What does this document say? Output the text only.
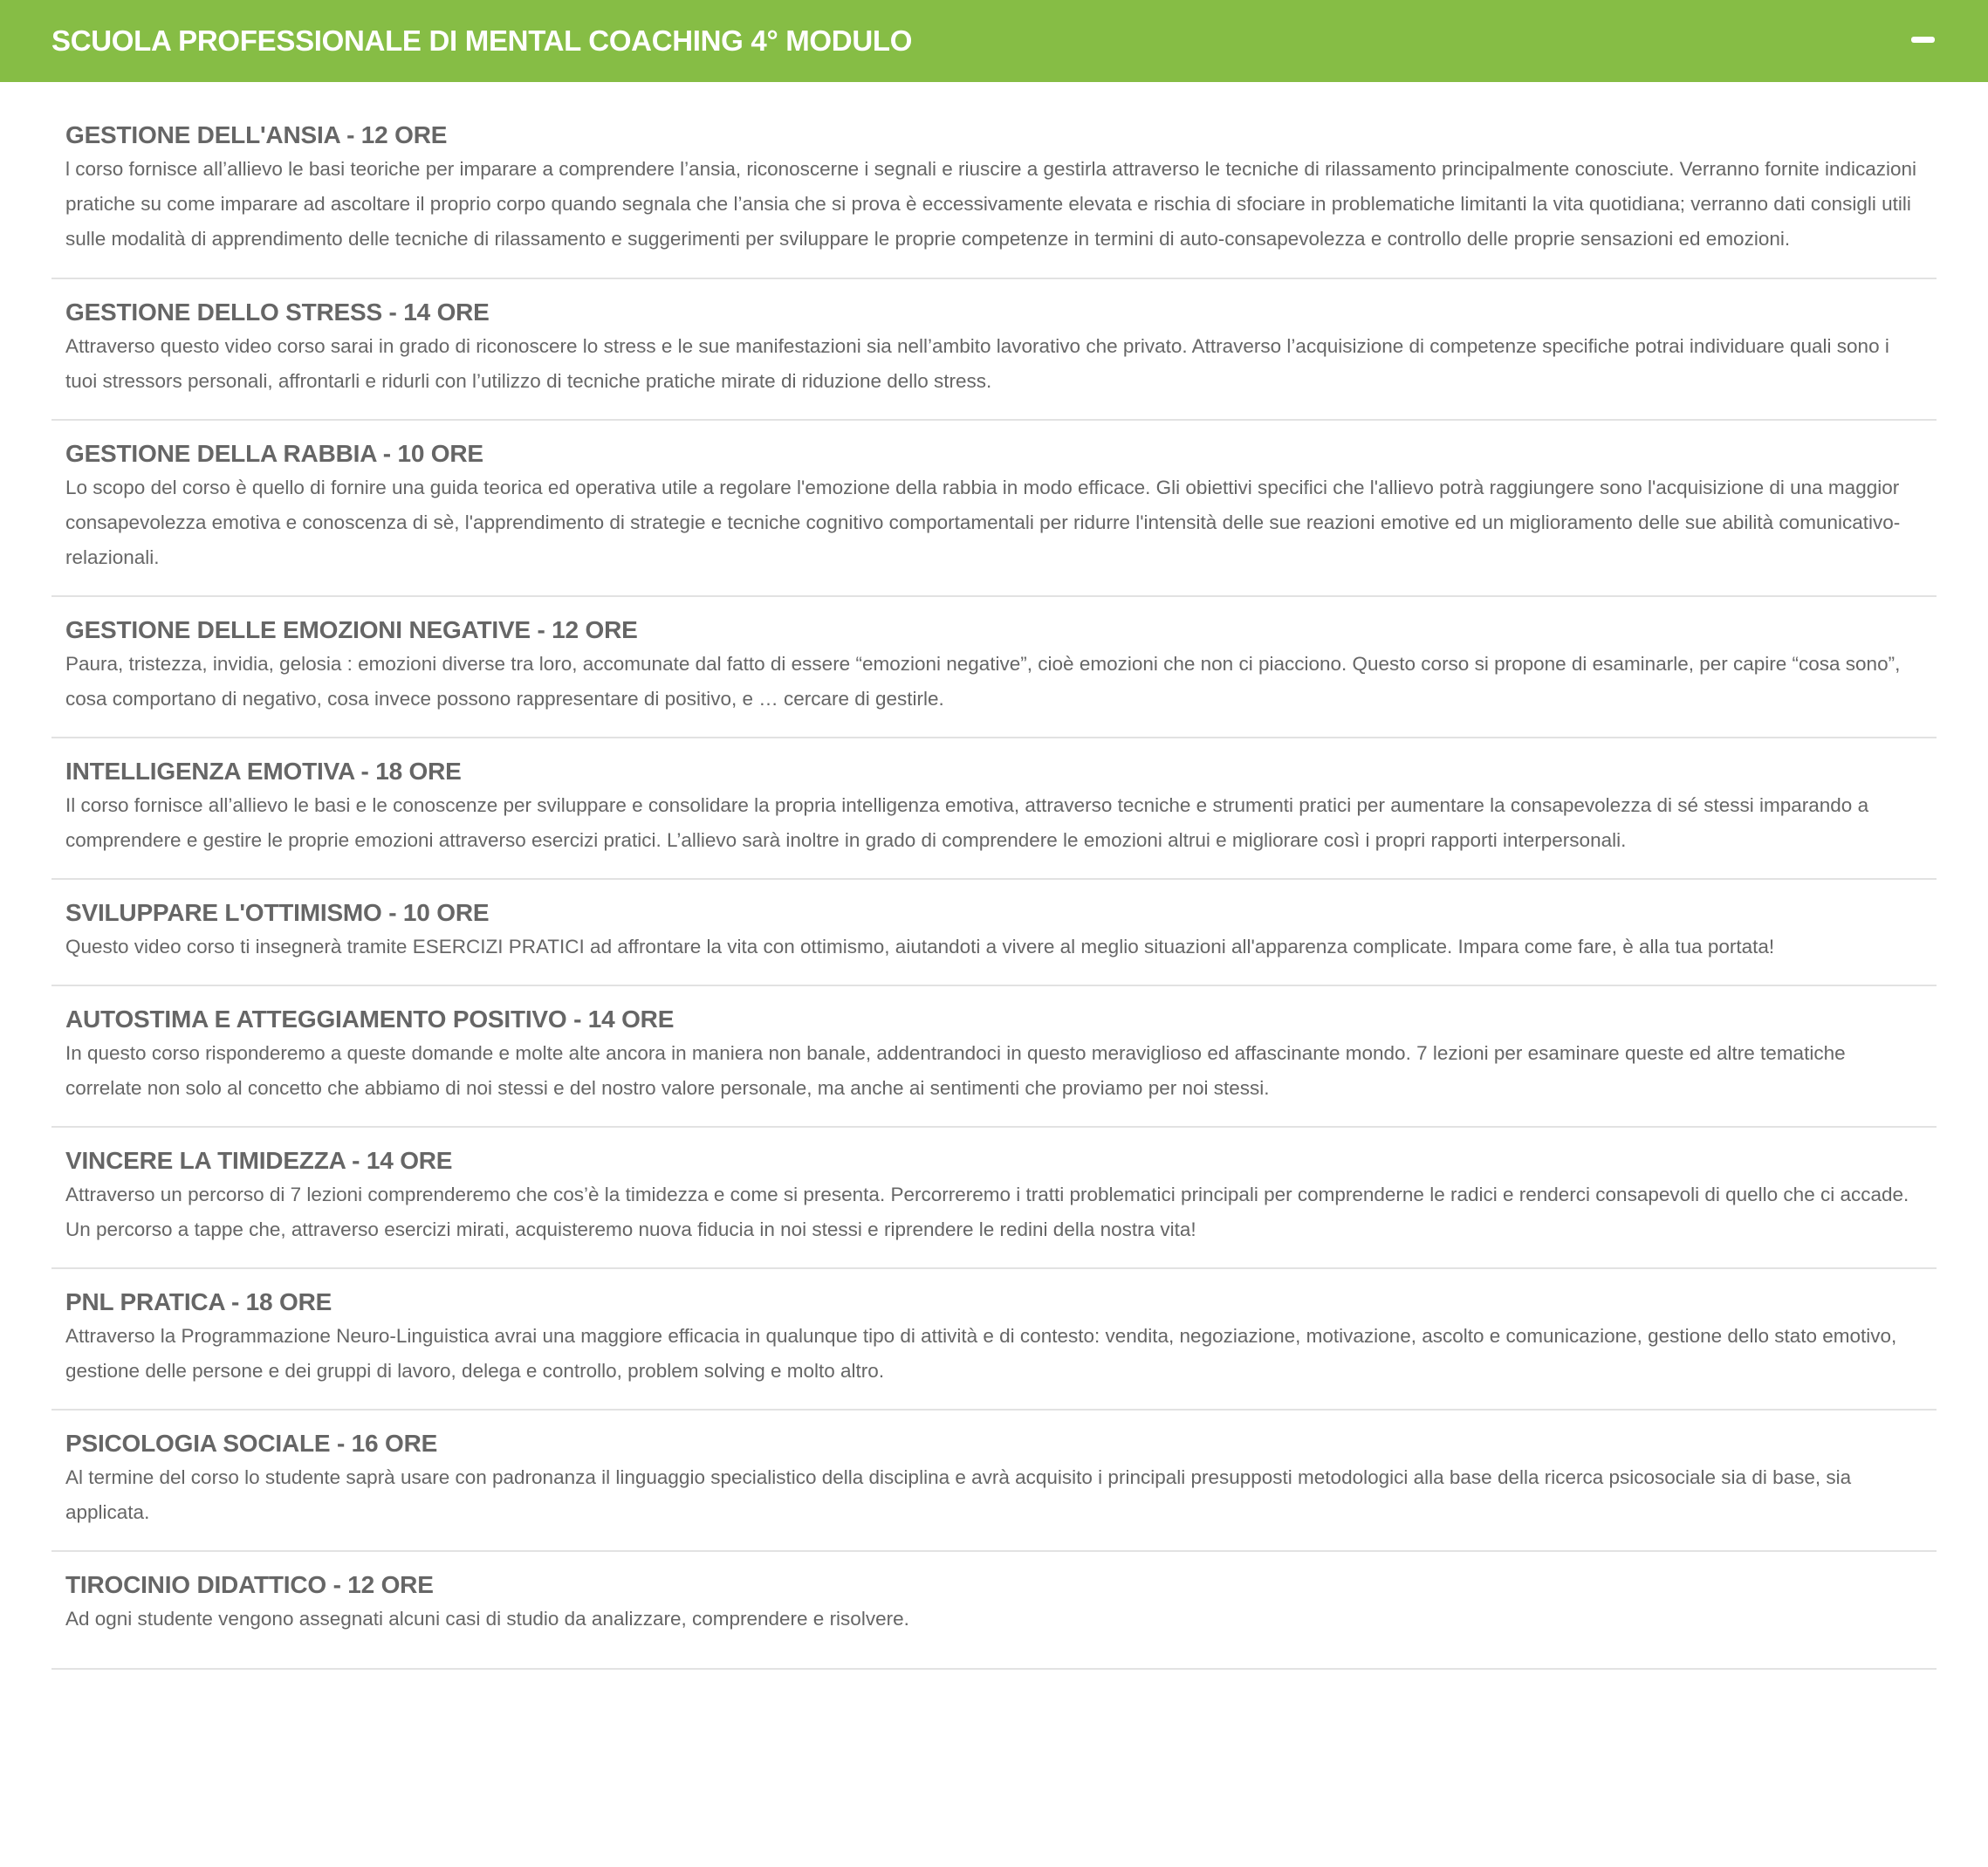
SCUOLA PROFESSIONALE DI MENTAL COACHING 4° MODULO
GESTIONE DELL'ANSIA - 12 ORE
l corso fornisce all’allievo le basi teoriche per imparare a comprendere l’ansia, riconoscerne i segnali e riuscire a gestirla attraverso le tecniche di rilassamento principalmente conosciute. Verranno fornite indicazioni pratiche su come imparare ad ascoltare il proprio corpo quando segnala che l’ansia che si prova è eccessivamente elevata e rischia di sfociare in problematiche limitanti la vita quotidiana; verranno dati consigli utili sulle modalità di apprendimento delle tecniche di rilassamento e suggerimenti per sviluppare le proprie competenze in termini di auto-consapevolezza e controllo delle proprie sensazioni ed emozioni.
GESTIONE DELLO STRESS - 14 ORE
Attraverso questo video corso sarai in grado di riconoscere lo stress e le sue manifestazioni sia nell’ambito lavorativo che privato. Attraverso l’acquisizione di competenze specifiche potrai individuare quali sono i tuoi stressors personali, affrontarli e ridurli con l’utilizzo di tecniche pratiche mirate di riduzione dello stress.
GESTIONE DELLA RABBIA - 10 ORE
Lo scopo del corso è quello di fornire una guida teorica ed operativa utile a regolare l'emozione della rabbia in modo efficace. Gli obiettivi specifici che l'allievo potrà raggiungere sono l'acquisizione di una maggior consapevolezza emotiva e conoscenza di sè, l'apprendimento di strategie e tecniche cognitivo comportamentali per ridurre l'intensità delle sue reazioni emotive ed un miglioramento delle sue abilità comunicativo-relazionali.
GESTIONE DELLE EMOZIONI NEGATIVE - 12 ORE
Paura, tristezza, invidia, gelosia : emozioni diverse tra loro, accomunate dal fatto di essere “emozioni negative”, cioè emozioni che non ci piacciono. Questo corso si propone di esaminarle, per capire “cosa sono”, cosa comportano di negativo, cosa invece possono rappresentare di positivo, e … cercare di gestirle.
INTELLIGENZA EMOTIVA - 18 ORE
Il corso fornisce all’allievo le basi e le conoscenze per sviluppare e consolidare la propria intelligenza emotiva, attraverso tecniche e strumenti pratici per aumentare la consapevolezza di sé stessi imparando a comprendere e gestire le proprie emozioni attraverso esercizi pratici. L’allievo sarà inoltre in grado di comprendere le emozioni altrui e migliorare così i propri rapporti interpersonali.
SVILUPPARE L'OTTIMISMO - 10 ORE
Questo video corso ti insegnerà tramite ESERCIZI PRATICI ad affrontare la vita con ottimismo, aiutandoti a vivere al meglio situazioni all'apparenza complicate. Impara come fare, è alla tua portata!
AUTOSTIMA E ATTEGGIAMENTO POSITIVO - 14 ORE
In questo corso risponderemo a queste domande e molte alte ancora in maniera non banale, addentrandoci in questo meraviglioso ed affascinante mondo. 7 lezioni per esaminare queste ed altre tematiche correlate non solo al concetto che abbiamo di noi stessi e del nostro valore personale, ma anche ai sentimenti che proviamo per noi stessi.
VINCERE LA TIMIDEZZA - 14 ORE
Attraverso un percorso di 7 lezioni comprenderemo che cos’è la timidezza e come si presenta. Percorreremo i tratti problematici principali per comprenderne le radici e renderci consapevoli di quello che ci accade. Un percorso a tappe che, attraverso esercizi mirati, acquisteremo nuova fiducia in noi stessi e riprendere le redini della nostra vita!
PNL PRATICA - 18 ORE
Attraverso la Programmazione Neuro-Linguistica avrai una maggiore efficacia in qualunque tipo di attività e di contesto: vendita, negoziazione, motivazione, ascolto e comunicazione, gestione dello stato emotivo, gestione delle persone e dei gruppi di lavoro, delega e controllo, problem solving e molto altro.
PSICOLOGIA SOCIALE - 16 ORE
Al termine del corso lo studente saprà usare con padronanza il linguaggio specialistico della disciplina e avrà acquisito i principali presupposti metodologici alla base della ricerca psicosociale sia di base, sia applicata.
TIROCINIO DIDATTICO - 12 ORE
Ad ogni studente vengono assegnati alcuni casi di studio da analizzare, comprendere e risolvere.
